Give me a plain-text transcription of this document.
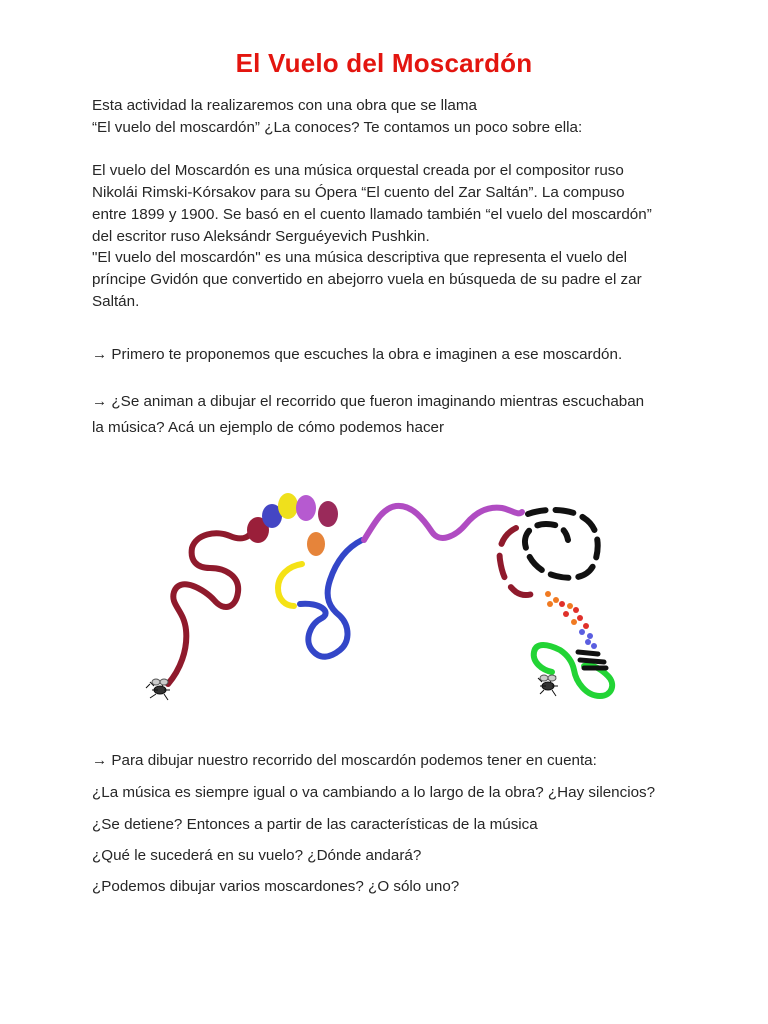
El Vuelo del Moscardón
Esta actividad la realizaremos con una obra que se llama
“El vuelo del moscardón” ¿La conoces? Te contamos un poco sobre ella:
El vuelo del Moscardón es una música orquestal creada por el compositor ruso
Nikolái Rimski-Kórsakov para su Ópera “El cuento del Zar Saltán”. La compuso
entre 1899 y 1900. Se basó en el cuento llamado también “el vuelo del moscardón”
del escritor ruso Aleksándr Serguéyevich Pushkin.
"El vuelo del moscardón" es una música descriptiva que representa el vuelo del
príncipe Gvidón que convertido en abejorro vuela en búsqueda de su padre el zar
Saltán.
→ Primero te proponemos que escuches la obra e imaginen a ese moscardón.
→ ¿Se animan a dibujar el recorrido que fueron imaginando mientras escuchaban
la música? Acá un ejemplo de cómo podemos hacer
→ Para dibujar nuestro recorrido del moscardón podemos tener en cuenta:
¿La música es siempre igual o va cambiando a lo largo de la obra? ¿Hay silencios?
¿Se detiene? Entonces a partir de las características de la música
¿Qué le sucederá en su vuelo? ¿Dónde andará?
¿Podemos dibujar varios moscardones? ¿O sólo uno?
